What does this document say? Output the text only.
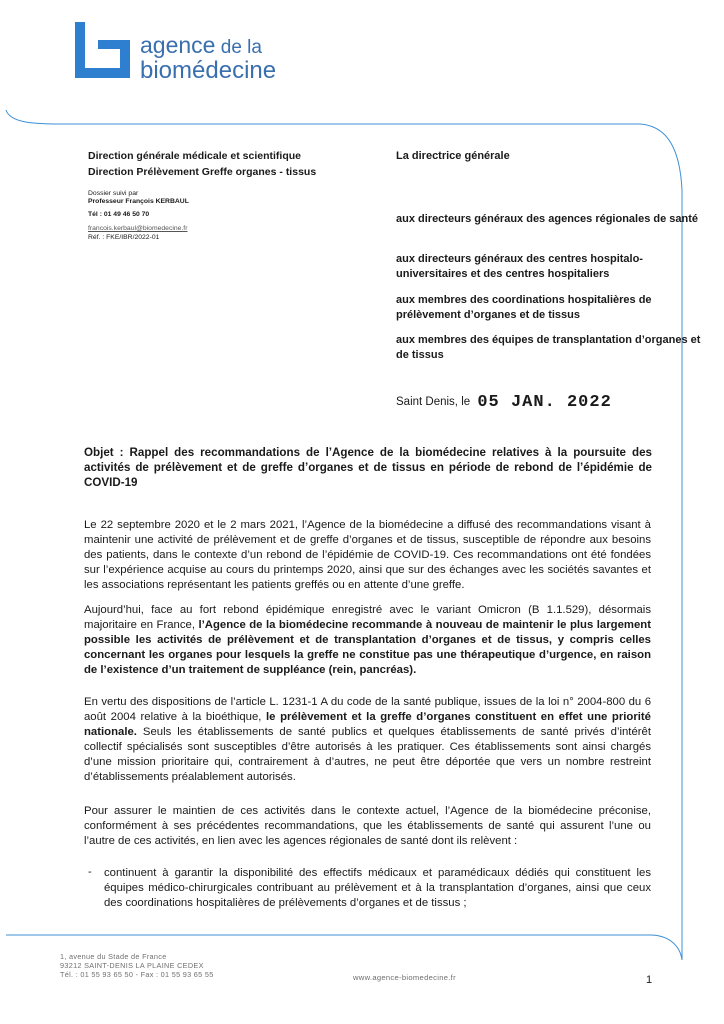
agence de la
biomédecine
Direction générale médicale et scientifique
Direction Prélèvement Greffe organes - tissus
Dossier suivi par
Professeur François KERBAUL
Tél : 01 49 46 50 70
francois.kerbaul@biomedecine.fr
Réf. : FKE/IBR/2022-01
La directrice générale
aux directeurs généraux des agences régionales de santé
aux directeurs généraux des centres hospitalo-universitaires et des centres hospitaliers
aux membres des coordinations hospitalières de prélèvement d’organes et de tissus
aux membres des équipes de transplantation d’organes et de tissus
Saint Denis, le 05 JAN. 2022
Objet : Rappel des recommandations de l’Agence de la biomédecine relatives à la poursuite des activités de prélèvement et de greffe d’organes et de tissus en période de rebond de l’épidémie de COVID-19
Le 22 septembre 2020 et le 2 mars 2021, l’Agence de la biomédecine a diffusé des recommandations visant à maintenir une activité de prélèvement et de greffe d’organes et de tissus, susceptible de répondre aux besoins des patients, dans le contexte d’un rebond de l’épidémie de COVID-19. Ces recommandations ont été fondées sur l’expérience acquise au cours du printemps 2020, ainsi que sur des échanges avec les sociétés savantes et les associations représentant les patients greffés ou en attente d’une greffe.
Aujourd’hui, face au fort rebond épidémique enregistré avec le variant Omicron (B 1.1.529), désormais majoritaire en France, l’Agence de la biomédecine recommande à nouveau de maintenir le plus largement possible les activités de prélèvement et de transplantation d’organes et de tissus, y compris celles concernant les organes pour lesquels la greffe ne constitue pas une thérapeutique d’urgence, en raison de l’existence d’un traitement de suppléance (rein, pancréas).
En vertu des dispositions de l’article L. 1231-1 A du code de la santé publique, issues de la loi n° 2004-800 du 6 août 2004 relative à la bioéthique, le prélèvement et la greffe d’organes constituent en effet une priorité nationale. Seuls les établissements de santé publics et quelques établissements de santé privés d’intérêt collectif spécialisés sont susceptibles d’être autorisés à les pratiquer. Ces établissements sont ainsi chargés d’une mission prioritaire qui, contrairement à d’autres, ne peut être déportée que vers un nombre restreint d’établissements préalablement autorisés.
Pour assurer le maintien de ces activités dans le contexte actuel, l’Agence de la biomédecine préconise, conformément à ses précédentes recommandations, que les établissements de santé qui assurent l’une ou l’autre de ces activités, en lien avec les agences régionales de santé dont ils relèvent :
- continuent à garantir la disponibilité des effectifs médicaux et paramédicaux dédiés qui constituent les équipes médico-chirurgicales contribuant au prélèvement et à la transplantation d’organes, ainsi que ceux des coordinations hospitalières de prélèvements d’organes et de tissus ;
1, avenue du Stade de France
93212 SAINT-DENIS LA PLAINE CEDEX
Tél. : 01 55 93 65 50 - Fax : 01 55 93 65 55	www.agence-biomedecine.fr	1
